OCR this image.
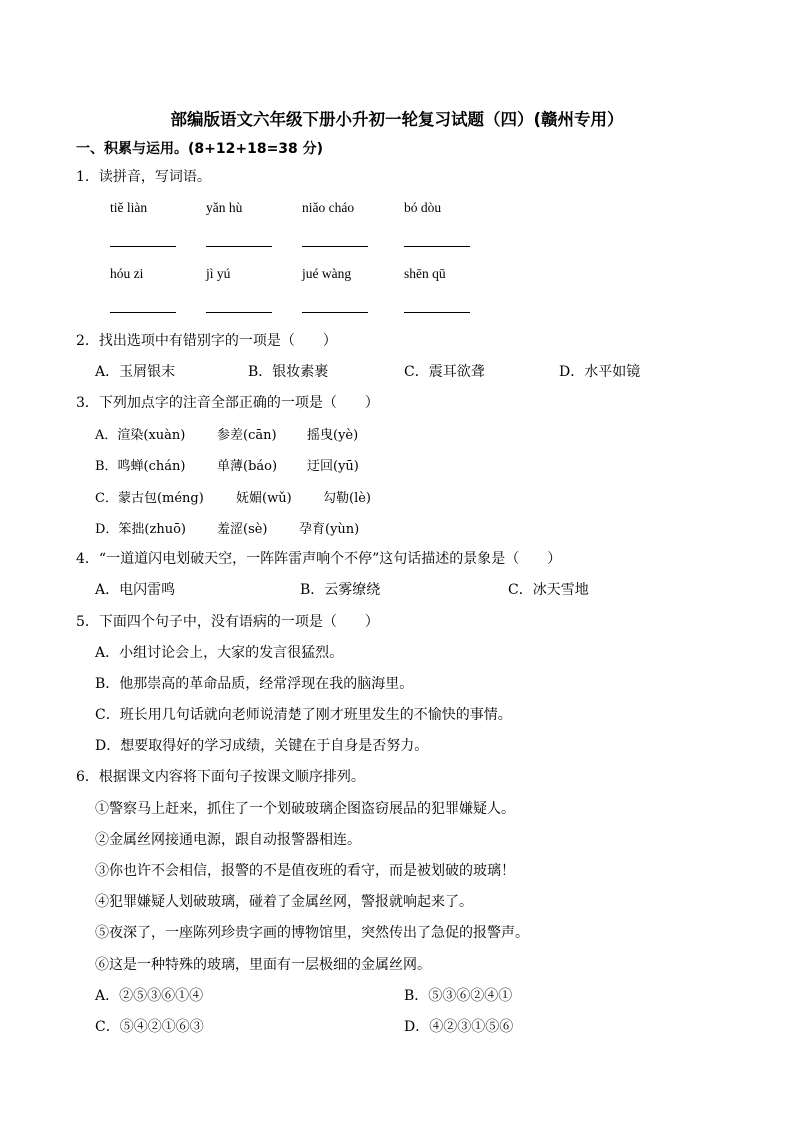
部编版语文六年级下册小升初一轮复习试题（四）(赣州专用）
一、积累与运用。(8+12+18=38 分)
1．读拼音，写词语。
tiě liàn	yǎn hù	niǎo cháo	bó dòu
hóu zi	jì yú	jué wàng	shēn qū
2．找出选项中有错别字的一项是（　　）
A．玉屑银末	B．银妆素裹	C．震耳欲聋	D．水平如镜
3．下列加点字的注音全部正确的一项是（　　）
A．渲染(xuàn) 参差(cān) 摇曳(yè)
B．鸣蝉(chán) 单薄(báo) 迂回(yū)
C．蒙古包(méng) 妩媚(wǔ) 勾勒(lè)
D．笨拙(zhuō) 羞涩(sè) 孕育(yùn)
4．“一道道闪电划破天空，一阵阵雷声响个不停”这句话描述的景象是（　　）
A．电闪雷鸣	B．云雾缭绕	C．冰天雪地
5．下面四个句子中，没有语病的一项是（　　）
A．小组讨论会上，大家的发言很猛烈。
B．他那崇高的革命品质，经常浮现在我的脑海里。
C．班长用几句话就向老师说清楚了刚才班里发生的不愉快的事情。
D．想要取得好的学习成绩，关键在于自身是否努力。
6．根据课文内容将下面句子按课文顺序排列。
①警察马上赶来，抓住了一个划破玻璃企图盗窃展品的犯罪嫌疑人。
②金属丝网接通电源，跟自动报警器相连。
③你也许不会相信，报警的不是值夜班的看守，而是被划破的玻璃！
④犯罪嫌疑人划破玻璃，碰着了金属丝网，警报就响起来了。
⑤夜深了，一座陈列珍贵字画的博物馆里，突然传出了急促的报警声。
⑥这是一种特殊的玻璃，里面有一层极细的金属丝网。
A．②⑤③⑥①④	B．⑤③⑥②④①
C．⑤④②①⑥③	D．④②③①⑤⑥
